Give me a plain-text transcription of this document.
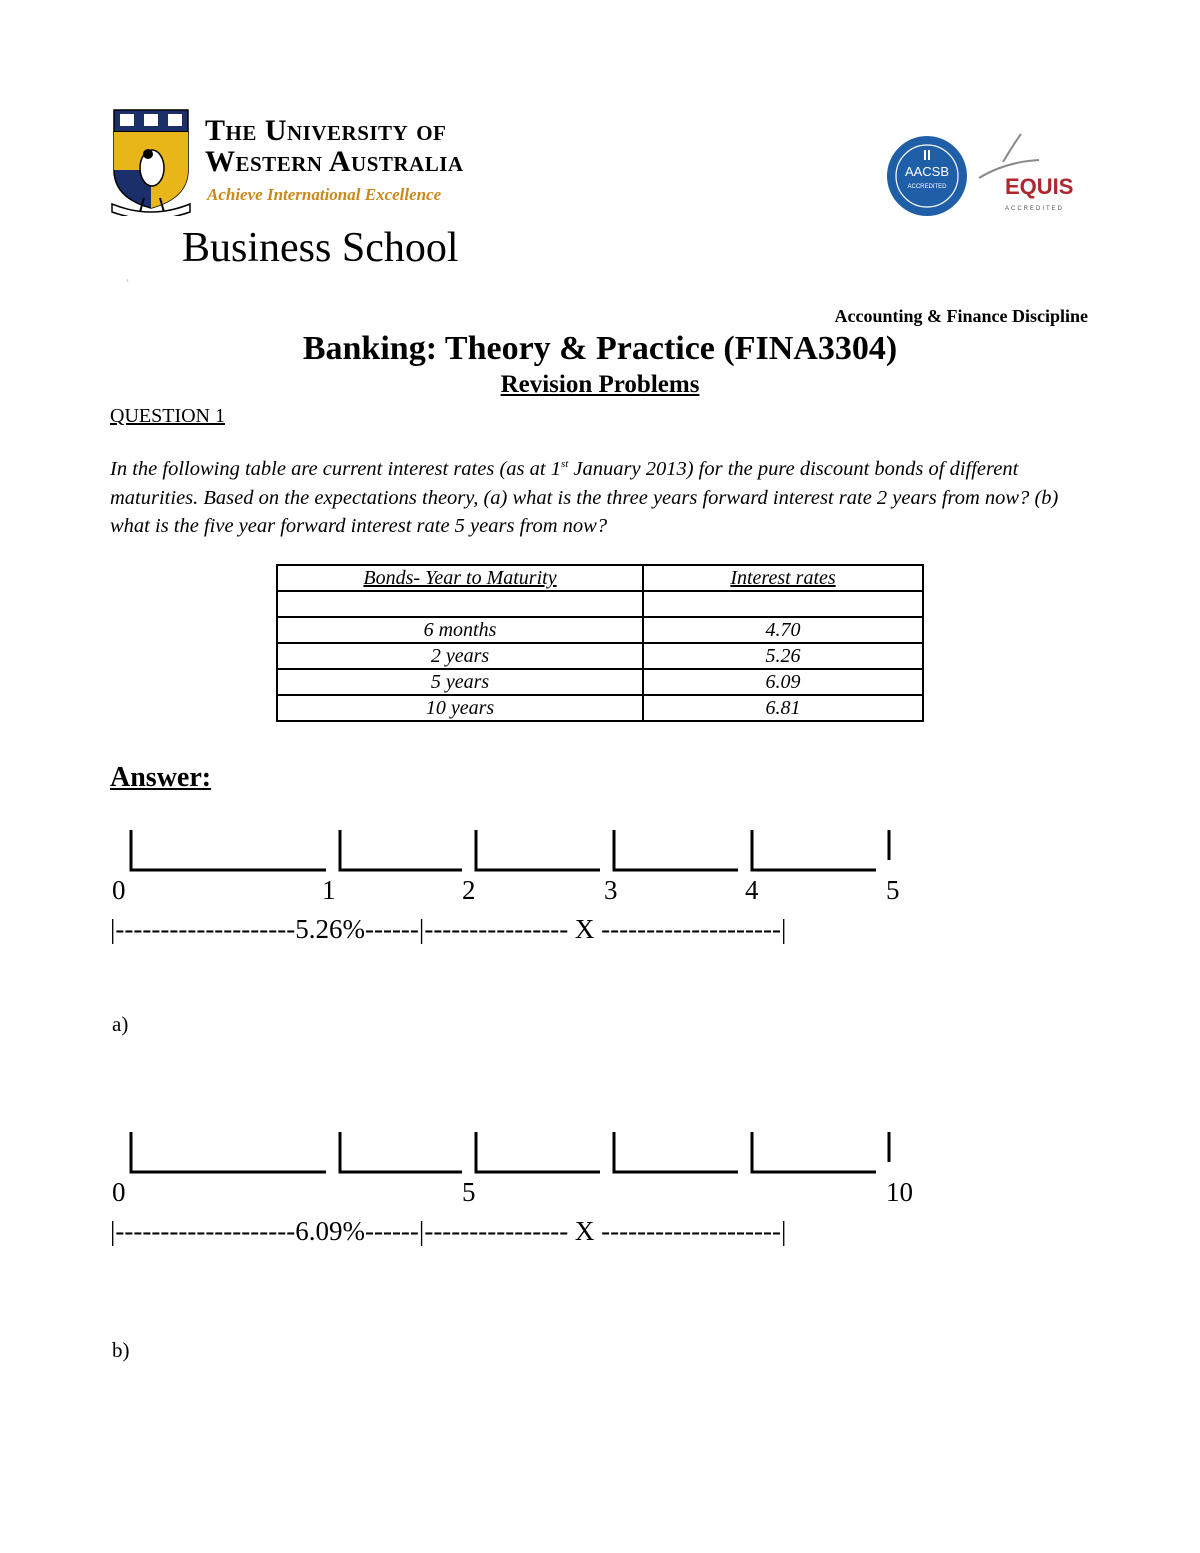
The University of
Western Australia
Achieve International Excellence
Business School
'
AACSB
ACCREDITED	EQUIS
ACCREDITED
Accounting & Finance Discipline
Banking: Theory & Practice (FINA3304)
Revision Problems
QUESTION 1
In the following table are current interest rates (as at 1st January 2013) for the pure discount bonds of different maturities. Based on the expectations theory, (a) what is the three years forward interest rate 2 years from now? (b) what is the five year forward interest rate 5 years from now?
Bonds- Year to Maturity	Interest rates

6 months	4.70
2 years	5.26
5 years	6.09
10 years	6.81
Answer:
0	1	2	3	4	5
|--------------------5.26%------|---------------- X --------------------|
a)
0	5	10
|--------------------6.09%------|---------------- X --------------------|
b)
